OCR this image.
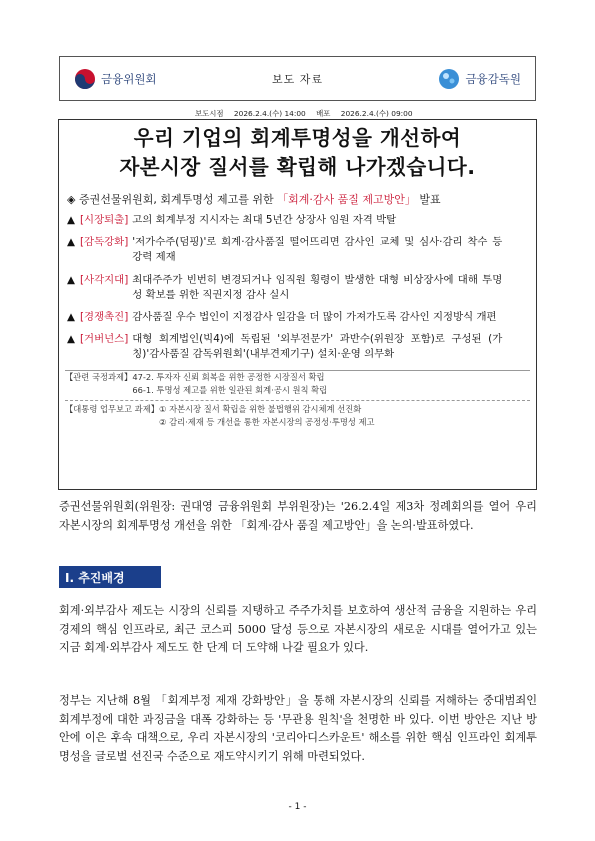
금융위원회	보도 자료	금융감독원
보도시점 2026.2.4.(수) 14:00 배포 2026.2.4.(수) 09:00
우리 기업의 회계투명성을 개선하여
자본시장 질서를 확립해 나가겠습니다.
◈ 증권선물위원회, 회계투명성 제고를 위한 「회계·감사 품질 제고방안」 발표
▲ [시장퇴출] 고의 회계부정 지시자는 최대 5년간 상장사 임원 자격 박탈
▲ [감독강화] '저가수주(덤핑)'로 회계·감사품질 떨어뜨리면 감사인 교체 및 심사·감리 착수 등 강력 제재
▲ [사각지대] 최대주주가 빈번히 변경되거나 임직원 횡령이 발생한 대형 비상장사에 대해 투명성 확보를 위한 직권지정 감사 실시
▲ [경쟁촉진] 감사품질 우수 법인이 지정감사 일감을 더 많이 가져가도록 감사인 지정방식 개편
▲ [거버넌스] 대형 회계법인(빅4)에 독립된 '외부전문가' 과반수(위원장 포함)로 구성된 (가칭)'감사품질 감독위원회'(내부견제기구) 설치·운영 의무화
【관련 국정과제】 47-2. 투자자 신뢰 회복을 위한 공정한 시장질서 확립
66-1. 투명성 제고를 위한 일관된 회계·공시 원칙 확립
【대통령 업무보고 과제】 ① 자본시장 질서 확립을 위한 불법행위 감시체계 선진화
② 감리·제재 등 개선을 통한 자본시장의 공정성·투명성 제고
증권선물위원회(위원장: 권대영 금융위원회 부위원장)는 '26.2.4일 제3차 정례회의를 열어 우리 자본시장의 회계투명성 개선을 위한 「회계·감사 품질 제고방안」을 논의·발표하였다.
Ⅰ. 추진배경
회계·외부감사 제도는 시장의 신뢰를 지탱하고 주주가치를 보호하여 생산적 금융을 지원하는 우리 경제의 핵심 인프라로, 최근 코스피 5000 달성 등으로 자본시장의 새로운 시대를 열어가고 있는 지금 회계·외부감사 제도도 한 단계 더 도약해 나갈 필요가 있다.
정부는 지난해 8월 「회계부정 제재 강화방안」을 통해 자본시장의 신뢰를 저해하는 중대범죄인 회계부정에 대한 과징금을 대폭 강화하는 등 '무관용 원칙'을 천명한 바 있다. 이번 방안은 지난 방안에 이은 후속 대책으로, 우리 자본시장의 '코리아디스카운트' 해소를 위한 핵심 인프라인 회계투명성을 글로벌 선진국 수준으로 재도약시키기 위해 마련되었다.
- 1 -
